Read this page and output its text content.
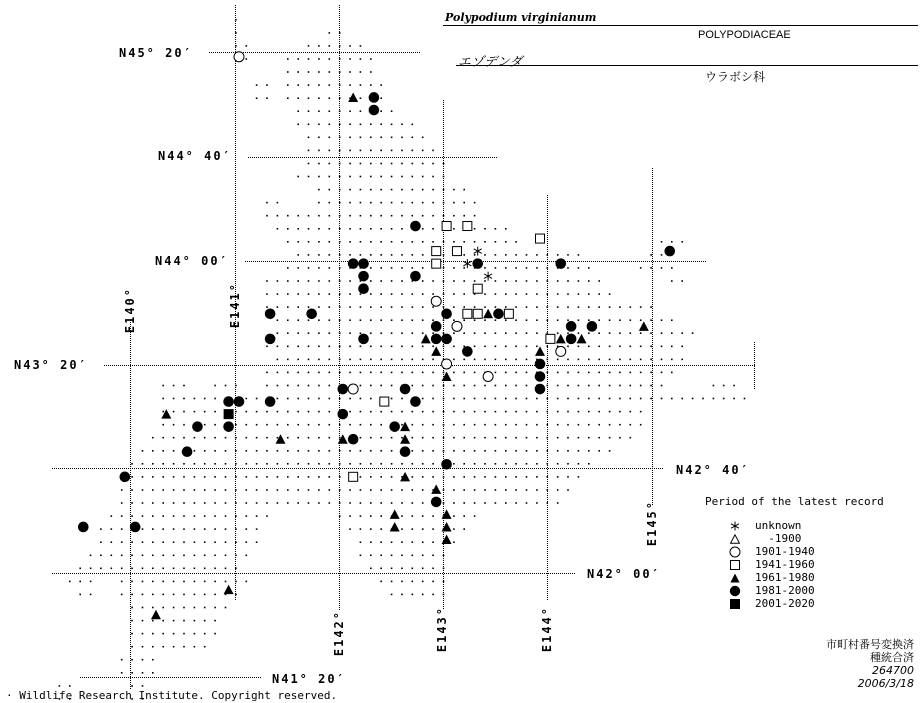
Polypodium virginianum
POLYPODIACEAE
エゾデンダ
ウラボシ科
N45° 20′
N44° 40′
N44° 00′
N43° 20′
N42° 40′
N42° 00′
N41° 20′
E140°	E141°
E142°	E143°	E144°
E145°	Period of the latest record
unknown
-1900
1901-1940
1941-1960
1961-1980
1981-2000
2001-2020
市町村番号変換済
種統合済
264700
2006/3/18
· Wildlife Research Institute. Copyright reserved.
